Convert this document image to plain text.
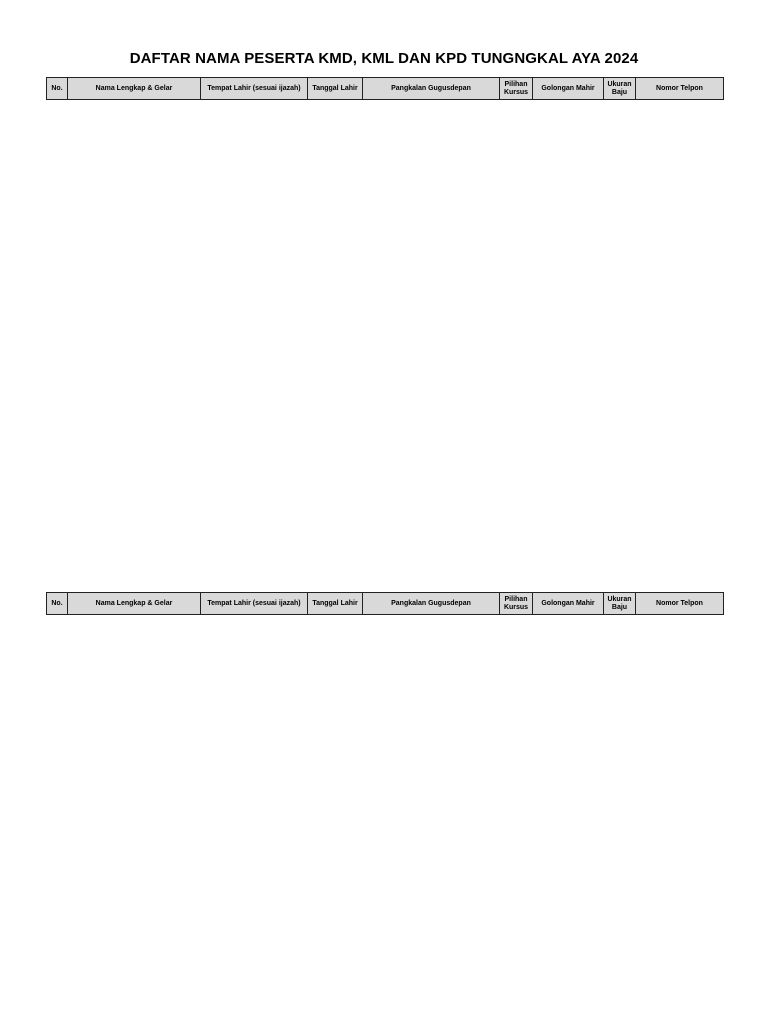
DAFTAR NAMA PESERTA KMD, KML DAN KPD TUNGNGKAL AYA 2024
No.	Nama Lengkap & Gelar	Tempat Lahir (sesuai ijazah)	Tanggal Lahir	Pangkalan Gugusdepan	Pilihan Kursus	Golongan Mahir	Ukuran Baju	Nomor Telpon
No.	Nama Lengkap & Gelar	Tempat Lahir (sesuai ijazah)	Tanggal Lahir	Pangkalan Gugusdepan	Pilihan Kursus	Golongan Mahir	Ukuran Baju	Nomor Telpon
